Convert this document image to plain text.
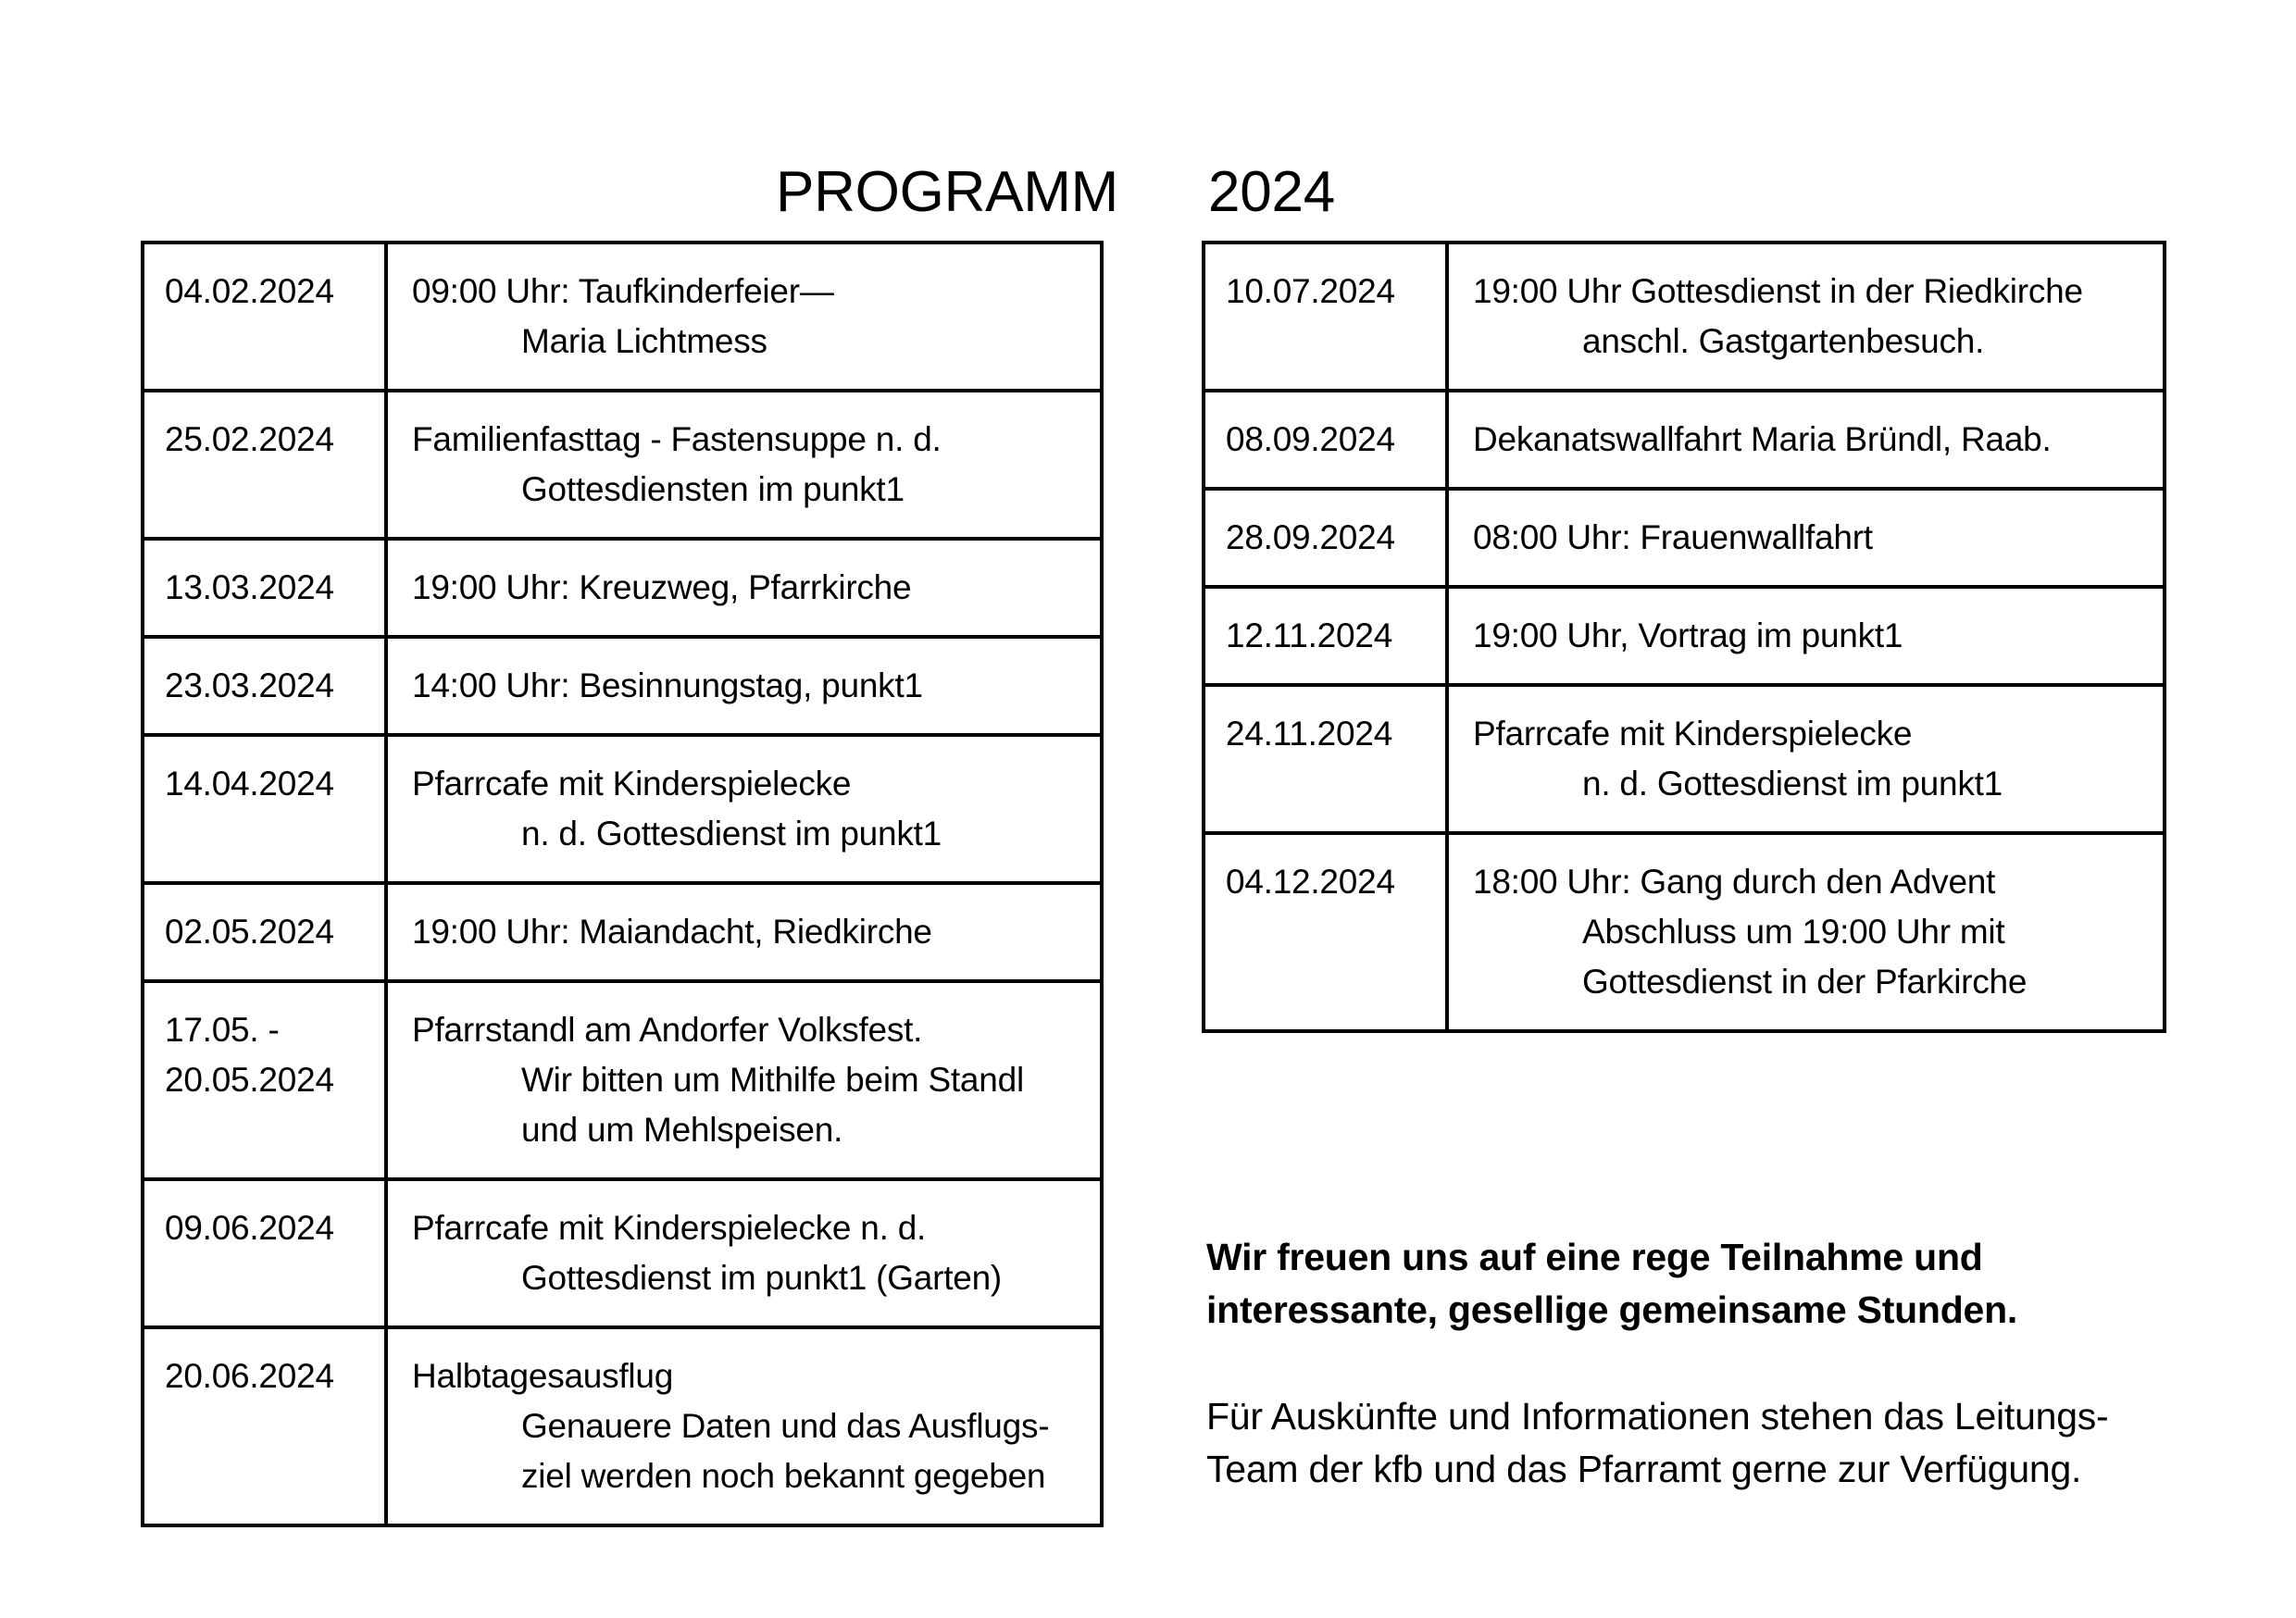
PROGRAMM 2024
04.02.2024	09:00 Uhr: Taufkinderfeier—
Maria Lichtmess
25.02.2024	Familienfasttag - Fastensuppe n. d.
Gottesdiensten im punkt1
13.03.2024	19:00 Uhr: Kreuzweg, Pfarrkirche
23.03.2024	14:00 Uhr: Besinnungstag, punkt1
14.04.2024	Pfarrcafe mit Kinderspielecke
n. d. Gottesdienst im punkt1
02.05.2024	19:00 Uhr: Maiandacht, Riedkirche
17.05. -
20.05.2024
Pfarrstandl am Andorfer Volksfest.
Wir bitten um Mithilfe beim Standl
und um Mehlspeisen.
09.06.2024	Pfarrcafe mit Kinderspielecke n. d.
Gottesdienst im punkt1 (Garten)
20.06.2024	Halbtagesausflug
Genauere Daten und das Ausflugs-
ziel werden noch bekannt gegeben
10.07.2024	19:00 Uhr Gottesdienst in der Riedkirche
anschl. Gastgartenbesuch.
08.09.2024	Dekanatswallfahrt Maria Bründl, Raab.
28.09.2024	08:00 Uhr: Frauenwallfahrt
12.11.2024	19:00 Uhr, Vortrag im punkt1
24.11.2024	Pfarrcafe mit Kinderspielecke
n. d. Gottesdienst im punkt1
04.12.2024	18:00 Uhr: Gang durch den Advent
Abschluss um 19:00 Uhr mit
Gottesdienst in der Pfarkirche
Wir freuen uns auf eine rege Teilnahme und
interessante, gesellige gemeinsame Stunden.
Für Auskünfte und Informationen stehen das Leitungs-
Team der kfb und das Pfarramt gerne zur Verfügung.
